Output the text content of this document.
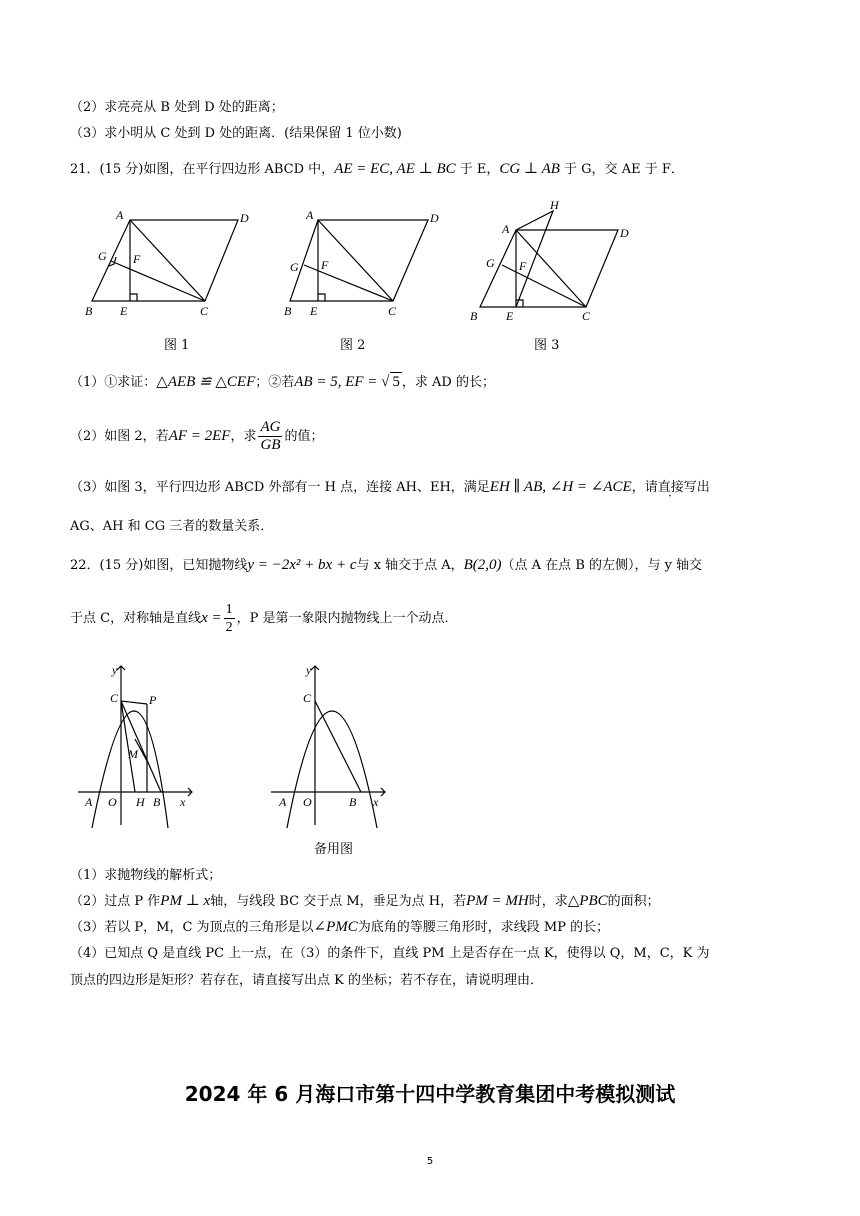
（2）求亮亮从 B 处到 D 处的距离；
（3）求小明从 C 处到 D 处的距离．(结果保留 1 位小数)
21．(15 分)如图，在平行四边形 ABCD 中，AE = EC, AE ⊥ BC 于 E，CG ⊥ AB 于 G，交 AE 于 F．
A	D
G F
B E	C
图 1
A	D
G F
B E	C
图 2
A
H
D
G F
B E	C
图 3
（1）①求证：△AEB ≌ △CEF；②若AB = 5, EF = √ 5 ，求 AD 的长；
（2）如图 2，若AF = 2EF，求 $\frac{AG}{GB}$ 的值；
（3）如图 3，平行四边形 ABCD 外部有一 H 点，连接 AH、EH，满足EH ∥ AB, ∠H = ∠ACE，请直接写出
AG、AH 和 CG 三者的数量关系．
22．(15 分)如图，已知抛物线y = −2x² + bx + c与 x 轴交于点 A，B(2,0)（点 A 在点 B 的左侧），与 y 轴交
于点 C，对称轴是直线$x = \frac{1}{2}$ ，P 是第一象限内抛物线上一个动点．
y
C	P
M
A O H B x
y
C
A O	B x
备用图
（1）求抛物线的解析式；
（2）过点 P 作PM ⊥ x轴，与线段 BC 交于点 M，垂足为点 H，若PM = MH时，求△PBC的面积；
（3）若以 P，M，C 为顶点的三角形是以∠PMC为底角的等腰三角形时，求线段 MP 的长；
（4）已知点 Q 是直线 PC 上一点，在（3）的条件下，直线 PM 上是否存在一点 K，使得以 Q，M，C，K 为
顶点的四边形是矩形？若存在，请直接写出点 K 的坐标；若不存在，请说明理由．
2024 年 6 月海口市第十四中学教育集团中考模拟测试
5
